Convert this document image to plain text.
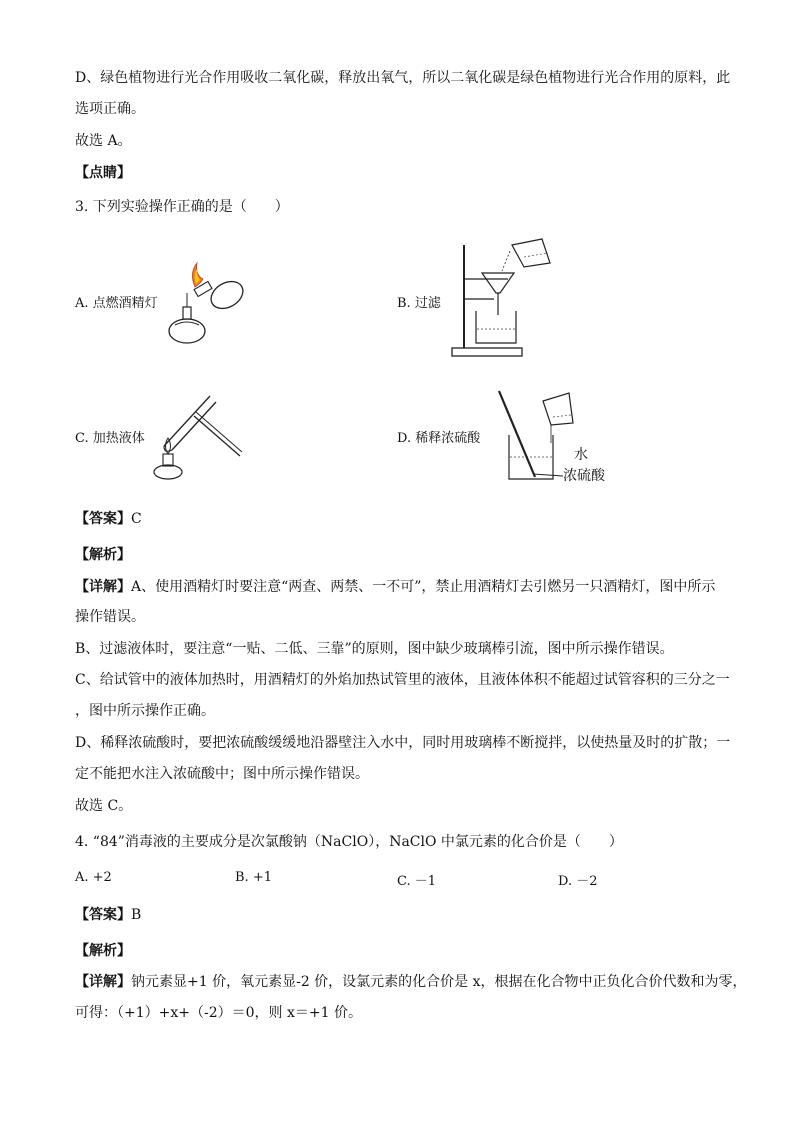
D、绿色植物进行光合作用吸收二氧化碳，释放出氧气，所以二氧化碳是绿色植物进行光合作用的原料，此
选项正确。
故选 A。
【点睛】
3. 下列实验操作正确的是（　　）
A. 点燃酒精灯	B. 过滤
C. 加热液体	D. 稀释浓硫酸
水
浓硫酸
【答案】C
【解析】
【详解】A、使用酒精灯时要注意“两查、两禁、一不可”，禁止用酒精灯去引燃另一只酒精灯，图中所示
操作错误。
B、过滤液体时，要注意“一贴、二低、三靠”的原则，图中缺少玻璃棒引流，图中所示操作错误。
C、给试管中的液体加热时，用酒精灯的外焰加热试管里的液体，且液体体积不能超过试管容积的三分之一
，图中所示操作正确。
D、稀释浓硫酸时，要把浓硫酸缓缓地沿器壁注入水中，同时用玻璃棒不断搅拌，以使热量及时的扩散；一
定不能把水注入浓硫酸中；图中所示操作错误。
故选 C。
4. “84”消毒液的主要成分是次氯酸钠（NaClO），NaClO 中氯元素的化合价是（　　）
A. +2	B. +1	C. －1	D. －2
【答案】B
【解析】
【详解】钠元素显+1 价，氧元素显-2 价，设氯元素的化合价是 x，根据在化合物中正负化合价代数和为零，
可得：（+1）+x+（-2）＝0，则 x＝+1 价。
